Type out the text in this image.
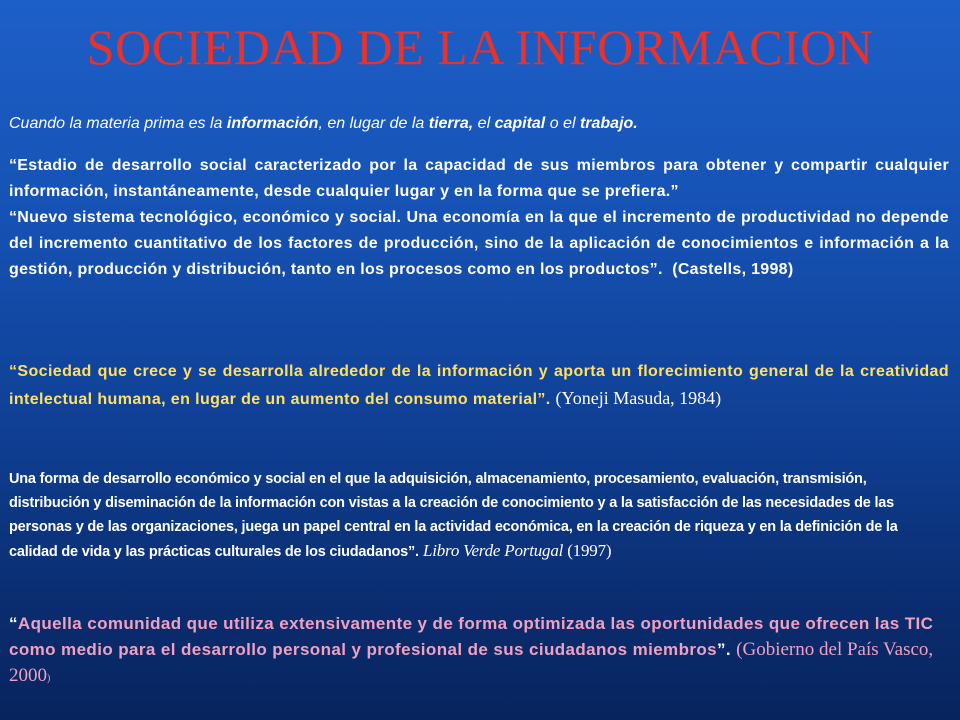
SOCIEDAD DE LA INFORMACION

Cuando la materia prima es la información, en lugar de la tierra, el capital o el trabajo.

“Estadio de desarrollo social caracterizado por la capacidad de sus miembros para obtener y compartir cualquier información, instantáneamente, desde cualquier lugar y en la forma que se prefiera.”
“Nuevo sistema tecnológico, económico y social. Una economía en la que el incremento de productividad no depende del incremento cuantitativo de los factores de producción, sino de la aplicación de conocimientos e información a la gestión, producción y distribución, tanto en los procesos como en los productos”. (Castells, 1998)

“Sociedad que crece y se desarrolla alrededor de la información y aporta un florecimiento general de la creatividad intelectual humana, en lugar de un aumento del consumo material”. (Yoneji Masuda, 1984)

Una forma de desarrollo económico y social en el que la adquisición, almacenamiento, procesamiento, evaluación, transmisión, distribución y diseminación de la información con vistas a la creación de conocimiento y a la satisfacción de las necesidades de las personas y de las organizaciones, juega un papel central en la actividad económica, en la creación de riqueza y en la definición de la calidad de vida y las prácticas culturales de los ciudadanos”. Libro Verde Portugal (1997)

“Aquella comunidad que utiliza extensivamente y de forma optimizada las oportunidades que ofrecen las TIC como medio para el desarrollo personal y profesional de sus ciudadanos miembros”. (Gobierno del País Vasco, 2000)
